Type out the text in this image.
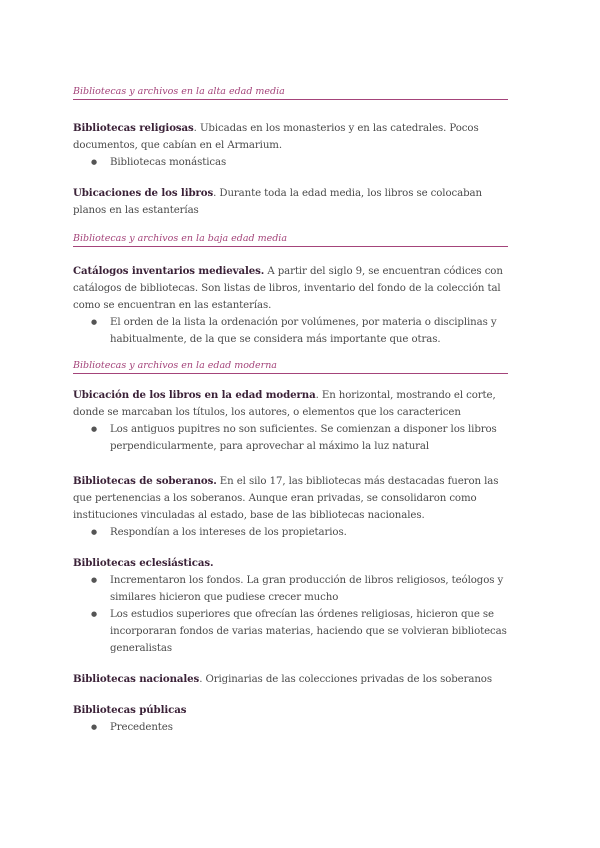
Bibliotecas y archivos en la alta edad media

Bibliotecas religiosas. Ubicadas en los monasterios y en las catedrales. Pocos documentos, que cabían en el Armarium.

● Bibliotecas monásticas

Ubicaciones de los libros. Durante toda la edad media, los libros se colocaban planos en las estanterías

Bibliotecas y archivos en la baja edad media

Catálogos inventarios medievales. A partir del siglo 9, se encuentran códices con catálogos de bibliotecas. Son listas de libros, inventario del fondo de la colección tal como se encuentran en las estanterías.

● El orden de la lista la ordenación por volúmenes, por materia o disciplinas y habitualmente, de la que se considera más importante que otras.
Bibliotecas y archivos en la edad moderna

Ubicación de los libros en la edad moderna. En horizontal, mostrando el corte, donde se marcaban los títulos, los autores, o elementos que los caractericen

● Los antiguos pupitres no son suficientes. Se comienzan a disponer los libros perpendicularmente, para aprovechar al máximo la luz natural

Bibliotecas de soberanos. En el silo 17, las bibliotecas más destacadas fueron las que pertenencias a los soberanos. Aunque eran privadas, se consolidaron como instituciones vinculadas al estado, base de las bibliotecas nacionales.

● Respondían a los intereses de los propietarios.

Bibliotecas eclesiásticas.

● Incrementaron los fondos. La gran producción de libros religiosos, teólogos y similares hicieron que pudiese crecer mucho
● Los estudios superiores que ofrecían las órdenes religiosas, hicieron que se incorporaran fondos de varias materias, haciendo que se volvieran bibliotecas generalistas

Bibliotecas nacionales. Originarias de las colecciones privadas de los soberanos

Bibliotecas públicas

● Precedentes
